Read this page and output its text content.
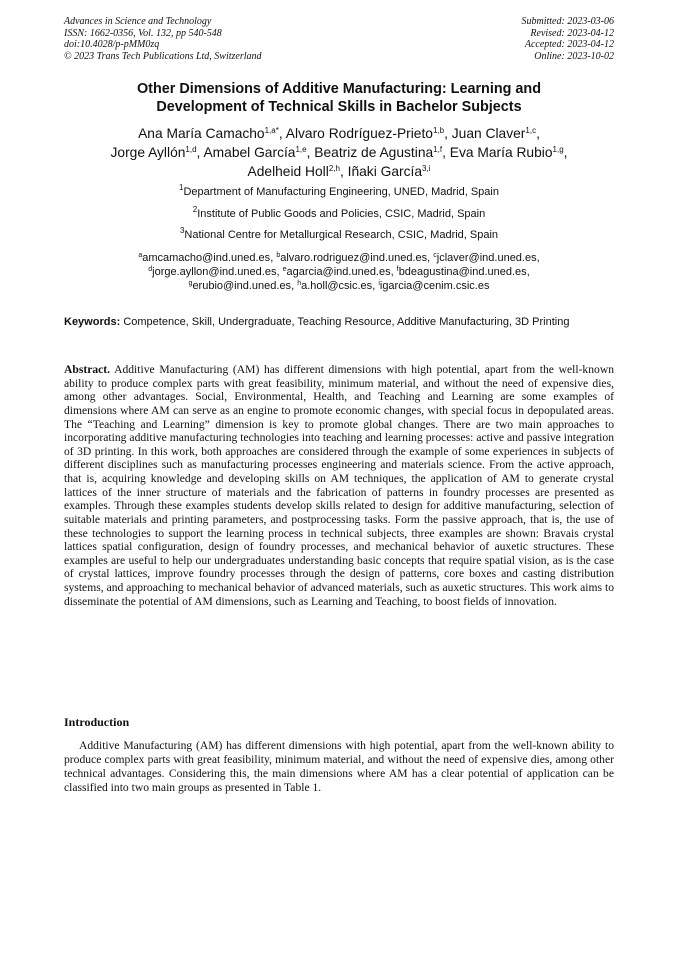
Advances in Science and Technology
ISSN: 1662-0356, Vol. 132, pp 540-548
doi:10.4028/p-pMM0zq
© 2023 Trans Tech Publications Ltd, Switzerland
Submitted: 2023-03-06
Revised: 2023-04-12
Accepted: 2023-04-12
Online: 2023-10-02
Other Dimensions of Additive Manufacturing: Learning and
Development of Technical Skills in Bachelor Subjects
Ana María Camacho$^{1,a*}$, Alvaro Rodríguez-Prieto$^{1,b}$, Juan Claver$^{1,c}$,
Jorge Ayllón$^{1,d}$, Amabel García$^{1,e}$, Beatriz de Agustina$^{1,f}$, Eva María Rubio$^{1,g}$,
Adelheid Holl$^{2,h}$, Iñaki García$^{3,i}$
$^1$Department of Manufacturing Engineering, UNED, Madrid, Spain
$^2$Institute of Public Goods and Policies, CSIC, Madrid, Spain
$^3$National Centre for Metallurgical Research, CSIC, Madrid, Spain
$^a$amcamacho@ind.uned.es, $^b$alvaro.rodriguez@ind.uned.es, $^c$jclaver@ind.uned.es,
$^d$jorge.ayllon@ind.uned.es, $^e$agarcia@ind.uned.es, $^f$bdeagustina@ind.uned.es,
$^g$erubio@ind.uned.es, $^h$a.holl@csic.es, $^i$igarcia@cenim.csic.es
Keywords: Competence, Skill, Undergraduate, Teaching Resource, Additive Manufacturing, 3D Printing
Abstract. Additive Manufacturing (AM) has different dimensions with high potential, apart from the well-known ability to produce complex parts with great feasibility, minimum material, and without the need of expensive dies, among other advantages. Social, Environmental, Health, and Teaching and Learning are some examples of dimensions where AM can serve as an engine to promote economic changes, with special focus in depopulated areas. The “Teaching and Learning” dimension is key to promote global changes. There are two main approaches to incorporating additive manufacturing technologies into teaching and learning processes: active and passive integration of 3D printing. In this work, both approaches are considered through the example of some experiences in subjects of different disciplines such as manufacturing processes engineering and materials science. From the active approach, that is, acquiring knowledge and developing skills on AM techniques, the application of AM to generate crystal lattices of the inner structure of materials and the fabrication of patterns in foundry processes are presented as examples. Through these examples students develop skills related to design for additive manufacturing, selection of suitable materials and printing parameters, and postprocessing tasks. Form the passive approach, that is, the use of these technologies to support the learning process in technical subjects, three examples are shown: Bravais crystal lattices spatial configuration, design of foundry processes, and mechanical behavior of auxetic structures. These examples are useful to help our undergraduates understanding basic concepts that require spatial vision, as is the case of crystal lattices, improve foundry processes through the design of patterns, core boxes and casting distribution systems, and approaching to mechanical behavior of advanced materials, such as auxetic structures. This work aims to disseminate the potential of AM dimensions, such as Learning and Teaching, to boost fields of innovation.
Introduction
Additive Manufacturing (AM) has different dimensions with high potential, apart from the well-known ability to produce complex parts with great feasibility, minimum material, and without the need of expensive dies, among other technical advantages. Considering this, the main dimensions where AM has a clear potential of application can be classified into two main groups as presented in Table 1.
